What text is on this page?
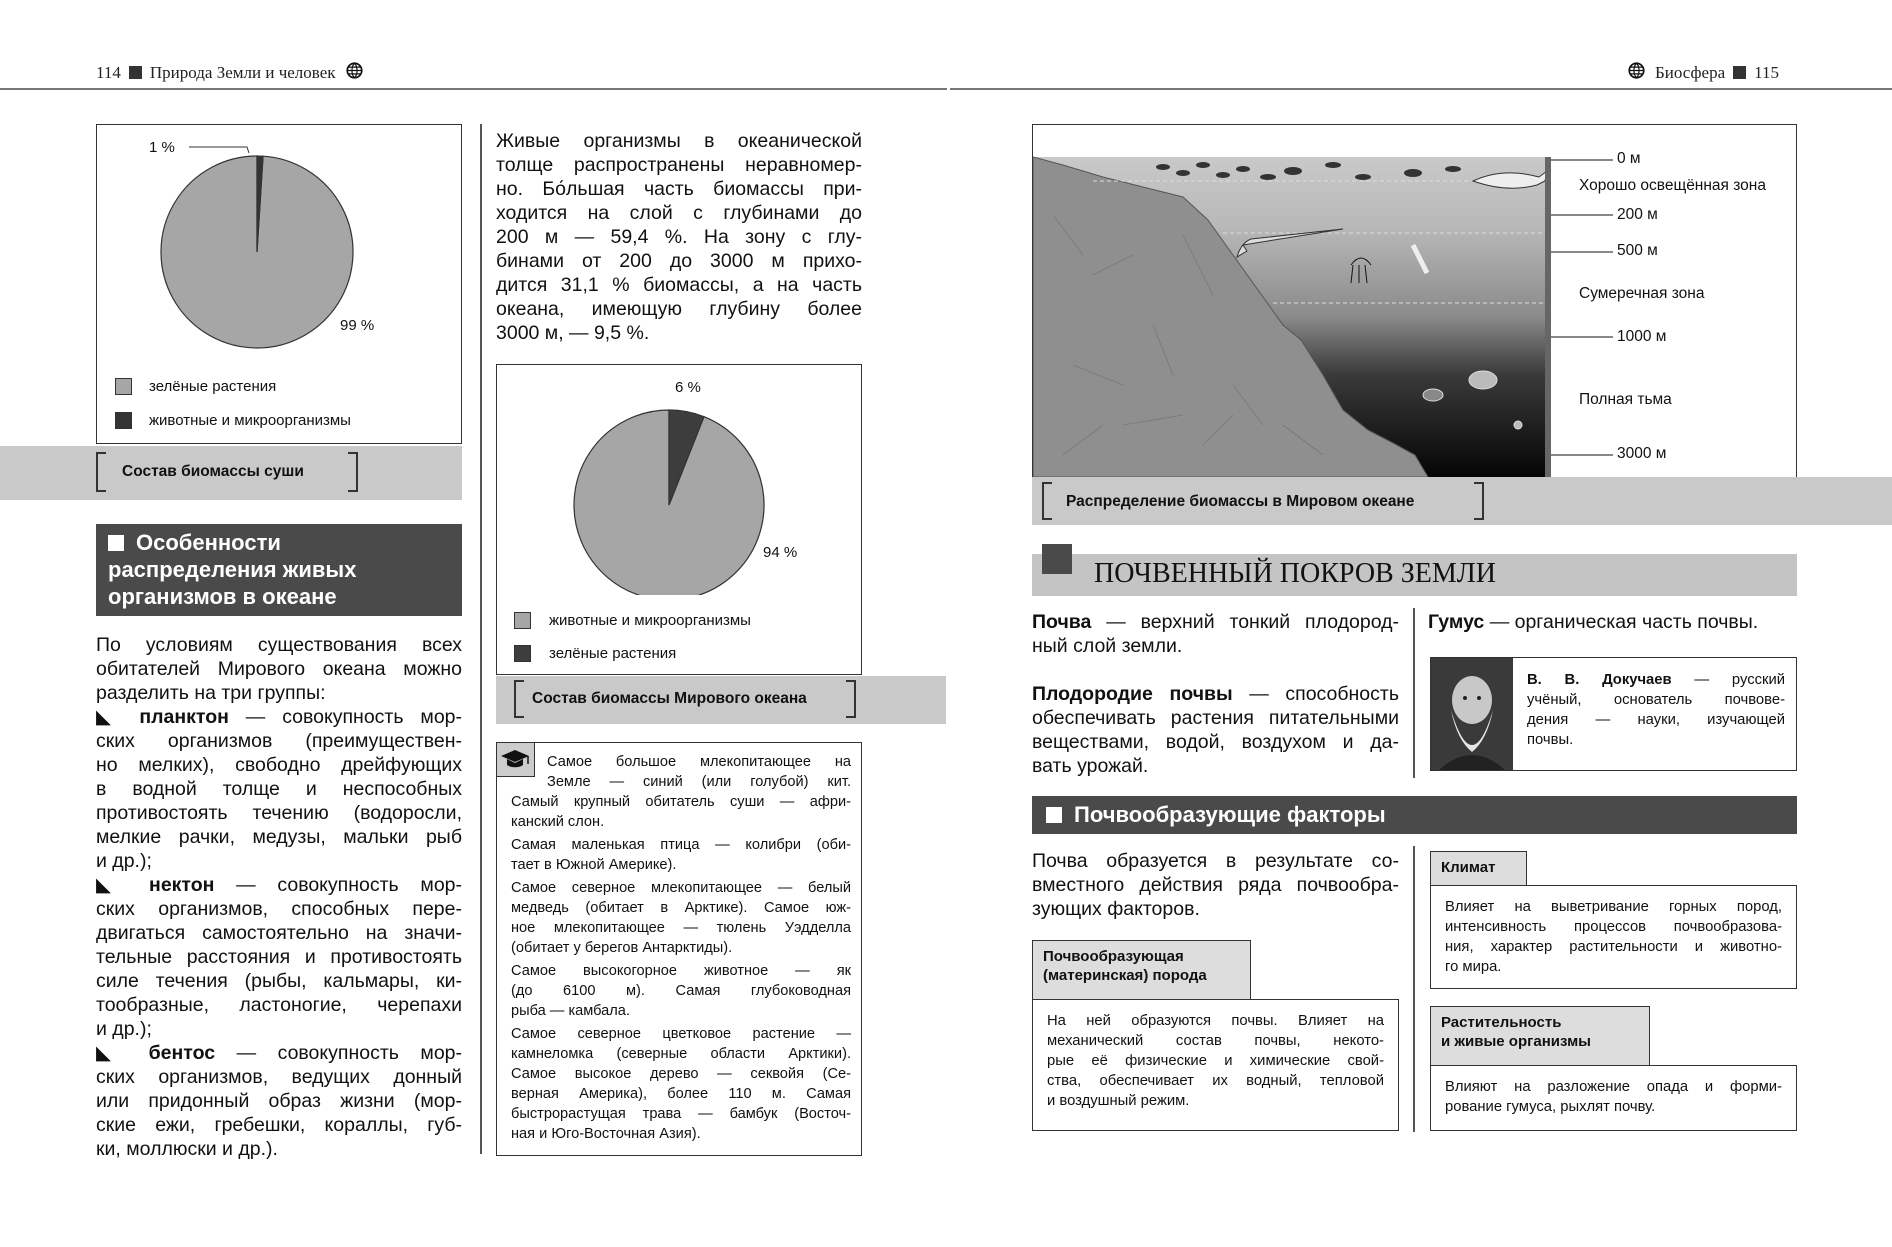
114 Природа Земли и человек	Биосфера 115
1 %
99 %
зелёные растения
животные и микроорганизмы
Состав биомассы суши
Особенности
распределения живых
организмов в океане
По условиям существования всех
обитателей Мирового океана можно
разделить на три группы:
◣ планктон — совокупность мор-
ских организмов (преимуществен-
но мелких), свободно дрейфующих
в водной толще и неспособных
противостоять течению (водоросли,
мелкие рачки, медузы, мальки рыб
и др.);
◣ нектон — совокупность мор-
ских организмов, способных пере-
двигаться самостоятельно на значи-
тельные расстояния и противостоять
силе течения (рыбы, кальмары, ки-
тообразные, ластоногие, черепахи
и др.);
◣ бентос — совокупность мор-
ских организмов, ведущих донный
или придонный образ жизни (мор-
ские ежи, гребешки, кораллы, губ-
ки, моллюски и др.).
Живые организмы в океанической
толще распространены неравномер-
но. Бо́льшая часть биомассы при-
ходится на слой с глубинами до
200 м — 59,4 %. На зону с глу-
бинами от 200 до 3000 м прихо-
дится 31,1 % биомассы, а на часть
океана, имеющую глубину более
3000 м, — 9,5 %.
6 %
94 %
животные и микроорганизмы
зелёные растения
Состав биомассы Мирового океана
Самое большое млекопитающее на
Земле — синий (или голубой) кит.
Самый крупный обитатель суши — афри-
канский слон.
Самая маленькая птица — колибри (оби-
тает в Южной Америке).
Самое северное млекопитающее — белый
медведь (обитает в Арктике). Самое юж-
ное млекопитающее — тюлень Уэдделла
(обитает у берегов Антарктиды).
Самое высокогорное животное — як
(до 6100 м). Самая глубоководная
рыба — камбала.
Самое северное цветковое растение —
камнеломка (северные области Арктики).
Самое высокое дерево — секвойя (Се-
верная Америка), более 110 м. Самая
быстрорастущая трава — бамбук (Восточ-
ная и Юго-Восточная Азия).
0 м
Хорошо освещённая зона
200 м
500 м
Сумеречная зона
1000 м
Полная тьма
3000 м
Распределение биомассы в Мировом океане
ПОЧВЕННЫЙ ПОКРОВ ЗЕМЛИ
Почва — верхний тонкий плодород-
ный слой земли.
Плодородие почвы — способность
обеспечивать растения питательными
веществами, водой, воздухом и да-
вать урожай.
Гумус — органическая часть почвы.
В. В. Докучаев — русский
учёный, основатель почвове-
дения — науки, изучающей
почвы.
Почвообразующие факторы
Почва образуется в результате со-
вместного действия ряда почвообра-
зующих факторов.
Почвообразующая
(материнская) порода
На ней образуются почвы. Влияет на
механический состав почвы, некото-
рые её физические и химические свой-
ства, обеспечивает их водный, тепловой
и воздушный режим.
Климат
Влияет на выветривание горных пород,
интенсивность процессов почвообразова-
ния, характер растительности и животно-
го мира.
Растительность
и живые организмы
Влияют на разложение опада и форми-
рование гумуса, рыхлят почву.
